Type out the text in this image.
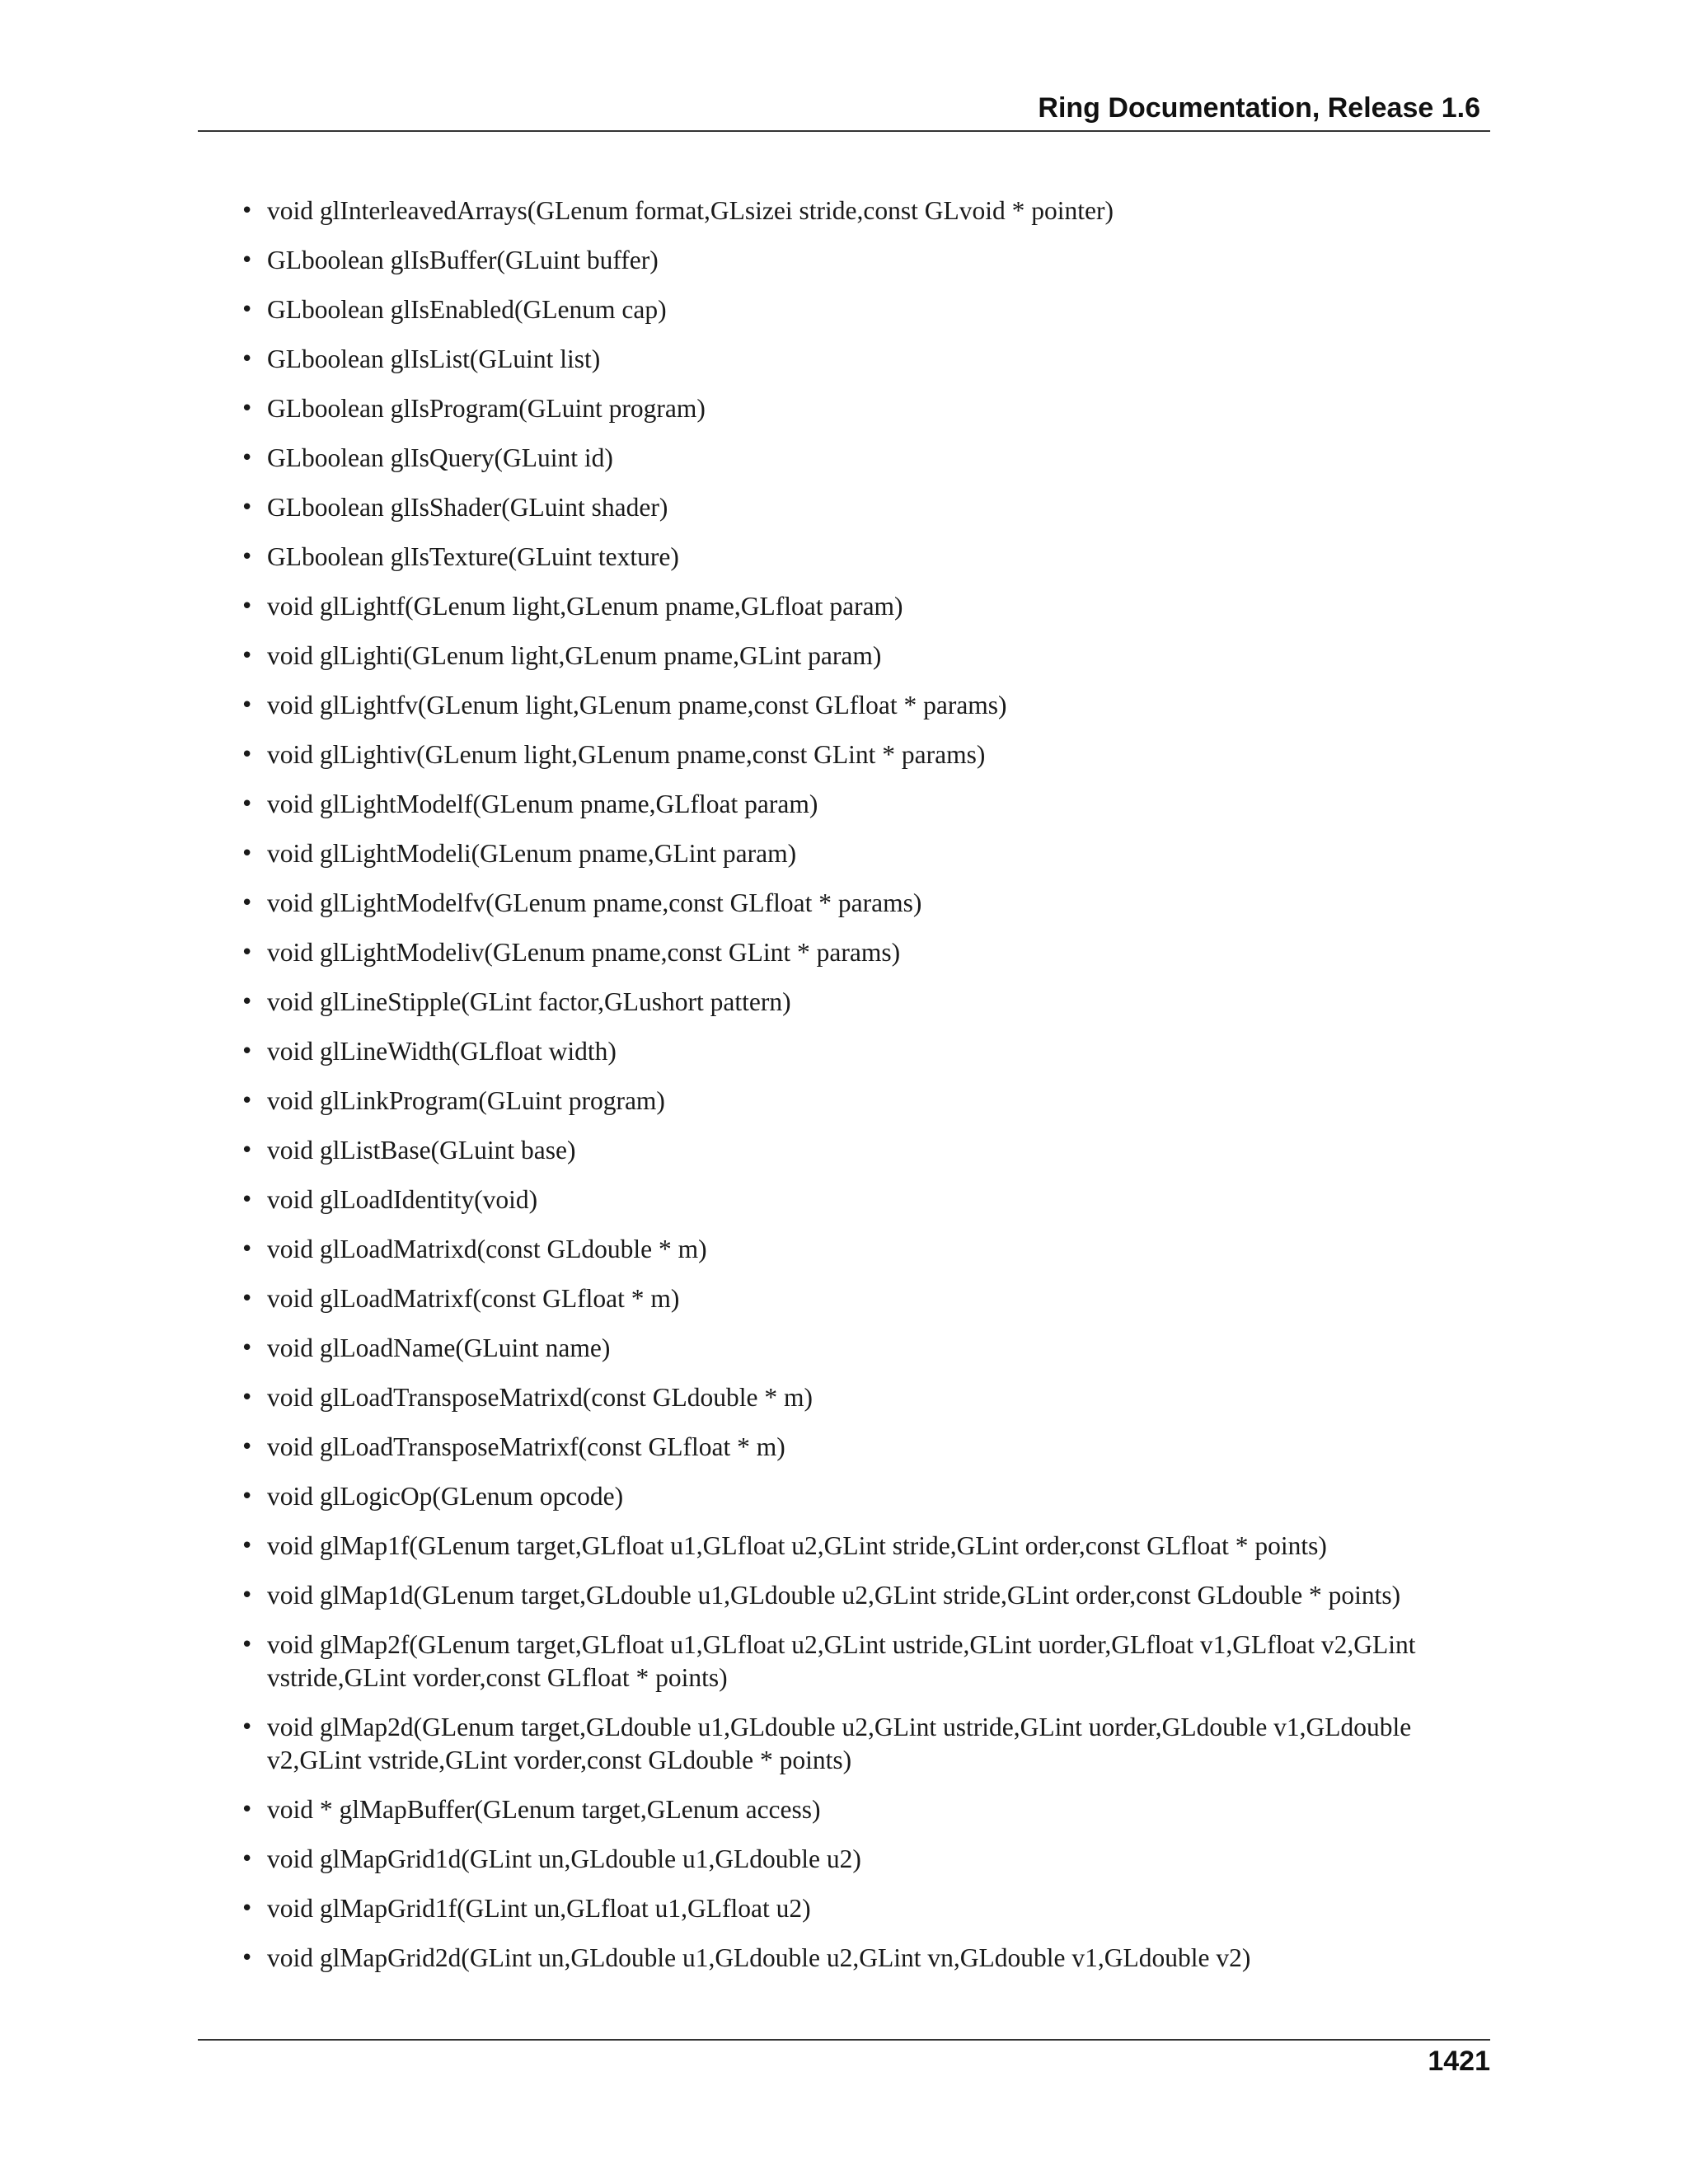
Ring Documentation, Release 1.6
• void glInterleavedArrays(GLenum format,GLsizei stride,const GLvoid * pointer)
• GLboolean glIsBuffer(GLuint buffer)
• GLboolean glIsEnabled(GLenum cap)
• GLboolean glIsList(GLuint list)
• GLboolean glIsProgram(GLuint program)
• GLboolean glIsQuery(GLuint id)
• GLboolean glIsShader(GLuint shader)
• GLboolean glIsTexture(GLuint texture)
• void glLightf(GLenum light,GLenum pname,GLfloat param)
• void glLighti(GLenum light,GLenum pname,GLint param)
• void glLightfv(GLenum light,GLenum pname,const GLfloat * params)
• void glLightiv(GLenum light,GLenum pname,const GLint * params)
• void glLightModelf(GLenum pname,GLfloat param)
• void glLightModeli(GLenum pname,GLint param)
• void glLightModelfv(GLenum pname,const GLfloat * params)
• void glLightModeliv(GLenum pname,const GLint * params)
• void glLineStipple(GLint factor,GLushort pattern)
• void glLineWidth(GLfloat width)
• void glLinkProgram(GLuint program)
• void glListBase(GLuint base)
• void glLoadIdentity(void)
• void glLoadMatrixd(const GLdouble * m)
• void glLoadMatrixf(const GLfloat * m)
• void glLoadName(GLuint name)
• void glLoadTransposeMatrixd(const GLdouble * m)
• void glLoadTransposeMatrixf(const GLfloat * m)
• void glLogicOp(GLenum opcode)
• void glMap1f(GLenum target,GLfloat u1,GLfloat u2,GLint stride,GLint order,const GLfloat * points)
• void glMap1d(GLenum target,GLdouble u1,GLdouble u2,GLint stride,GLint order,const GLdouble * points)
• void glMap2f(GLenum target,GLfloat u1,GLfloat u2,GLint ustride,GLint uorder,GLfloat v1,GLfloat v2,GLint vstride,GLint vorder,const GLfloat * points)
• void glMap2d(GLenum target,GLdouble u1,GLdouble u2,GLint ustride,GLint uorder,GLdouble v1,GLdouble v2,GLint vstride,GLint vorder,const GLdouble * points)
• void * glMapBuffer(GLenum target,GLenum access)
• void glMapGrid1d(GLint un,GLdouble u1,GLdouble u2)
• void glMapGrid1f(GLint un,GLfloat u1,GLfloat u2)
• void glMapGrid2d(GLint un,GLdouble u1,GLdouble u2,GLint vn,GLdouble v1,GLdouble v2)
1421
